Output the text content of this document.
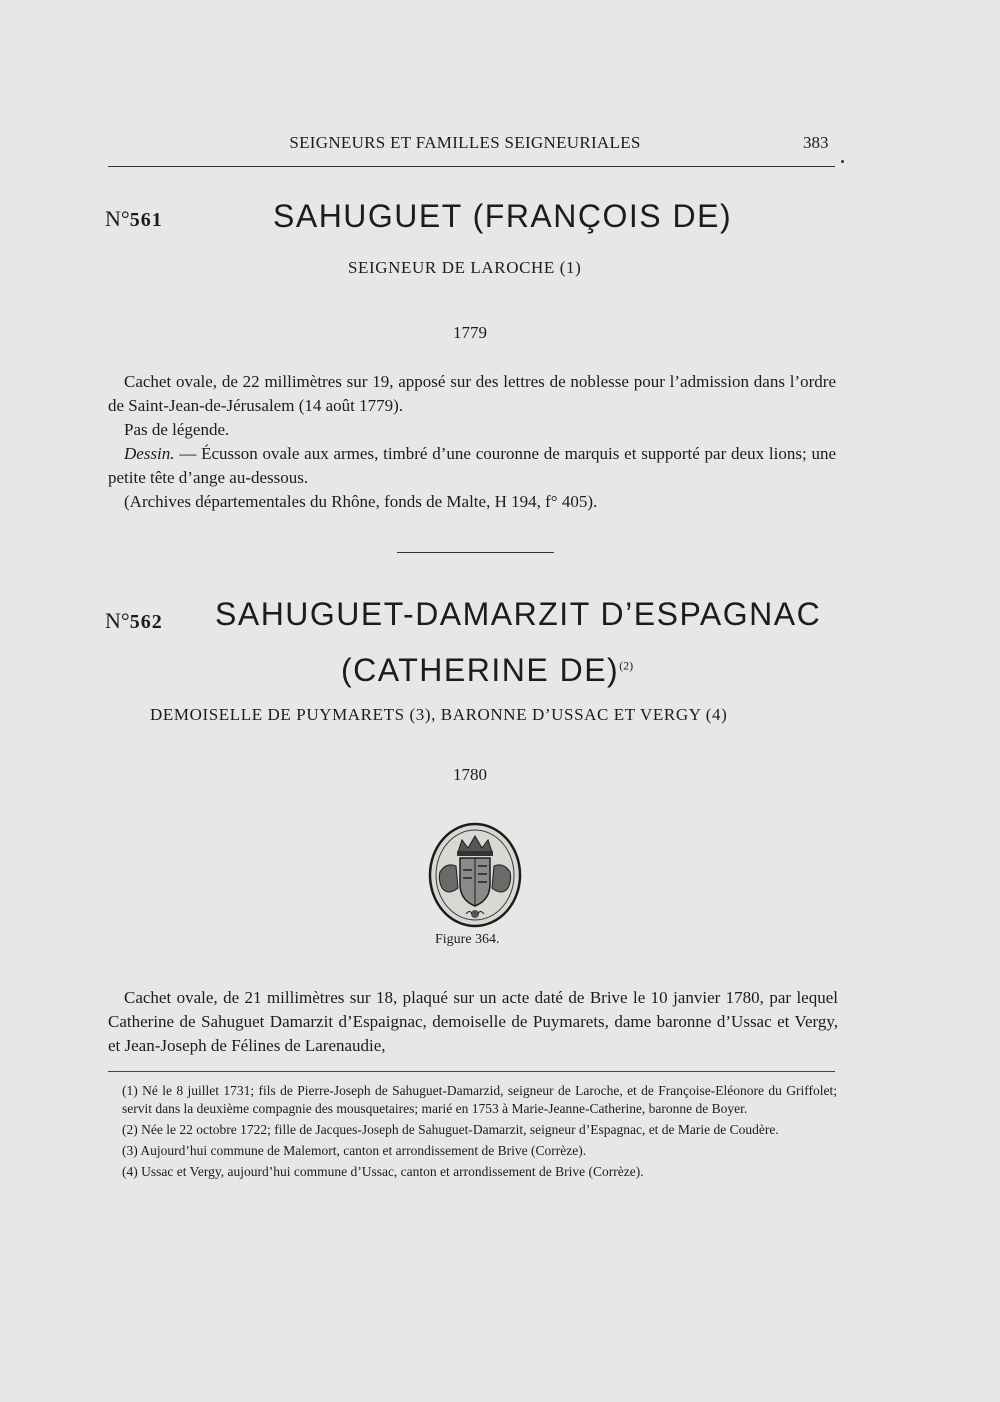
SEIGNEURS ET FAMILLES SEIGNEURIALES	383
N°561	SAHUGUET (FRANÇOIS DE)
SEIGNEUR DE LAROCHE (1)
1779

Cachet ovale, de 22 millimètres sur 19, apposé sur des lettres de noblesse pour l’admission dans l’ordre de Saint-Jean-de-Jérusalem (14 août 1779).

Pas de légende.

Dessin. — Écusson ovale aux armes, timbré d’une couronne de marquis et supporté par deux lions; une petite tête d’ange au-dessous.

(Archives départementales du Rhône, fonds de Malte, H 194, f° 405).

N°562 SAHUGUET-DAMARZIT D’ESPAGNAC
(CATHERINE DE)$^{(2)}$
DEMOISELLE DE PUYMARETS (3), BARONNE D’USSAC ET VERGY (4)
1780
Figure 364.

Cachet ovale, de 21 millimètres sur 18, plaqué sur un acte daté de Brive le 10 janvier 1780, par lequel Catherine de Sahuguet Damarzit d’Espaignac, demoiselle de Puymarets, dame baronne d’Ussac et Vergy, et Jean-Joseph de Félines de Larenaudie,

(1) Né le 8 juillet 1731; fils de Pierre-Joseph de Sahuguet-Damarzid, seigneur de Laroche, et de Françoise-Eléonore du Griffolet; servit dans la deuxième compagnie des mousquetaires; marié en 1753 à Marie-Jeanne-Catherine, baronne de Boyer.

(2) Née le 22 octobre 1722; fille de Jacques-Joseph de Sahuguet-Damarzit, seigneur d’Espagnac, et de Marie de Coudère.

(3) Aujourd’hui commune de Malemort, canton et arrondissement de Brive (Corrèze).

(4) Ussac et Vergy, aujourd’hui commune d’Ussac, canton et arrondissement de Brive (Corrèze).
